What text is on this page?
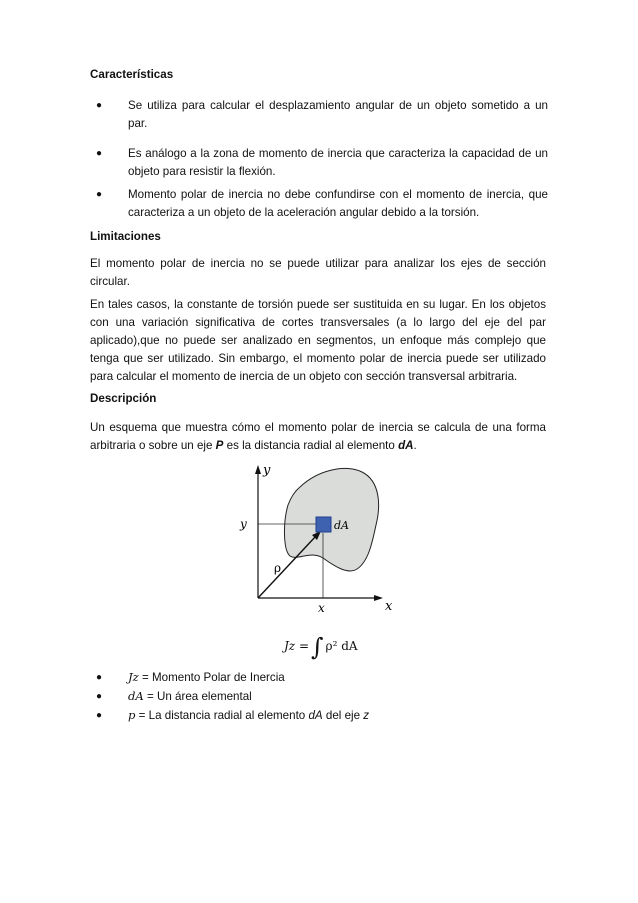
Características
● Se utiliza para calcular el desplazamiento angular de un objeto sometido a un par.
● Es análogo a la zona de momento de inercia que caracteriza la capacidad de un objeto para resistir la flexión.
● Momento polar de inercia no debe confundirse con el momento de inercia, que caracteriza a un objeto de la aceleración angular debido a la torsión.
Limitaciones
El momento polar de inercia no se puede utilizar para analizar los ejes de sección circular.
En tales casos, la constante de torsión puede ser sustituida en su lugar. En los objetos con una variación significativa de cortes transversales (a lo largo del eje del par aplicado),que no puede ser analizado en segmentos, un enfoque más complejo que tenga que ser utilizado. Sin embargo, el momento polar de inercia puede ser utilizado para calcular el momento de inercia de un objeto con sección transversal arbitraria.
Descripción
Un esquema que muestra cómo el momento polar de inercia se calcula de una forma arbitraria o sobre un eje P es la distancia radial al elemento dA.
y
x
y
x
ρ
dA
Jz =∫ ρ² dA
● Jz = Momento Polar de Inercia
● dA = Un área elemental
● p = La distancia radial al elemento dA del eje z
